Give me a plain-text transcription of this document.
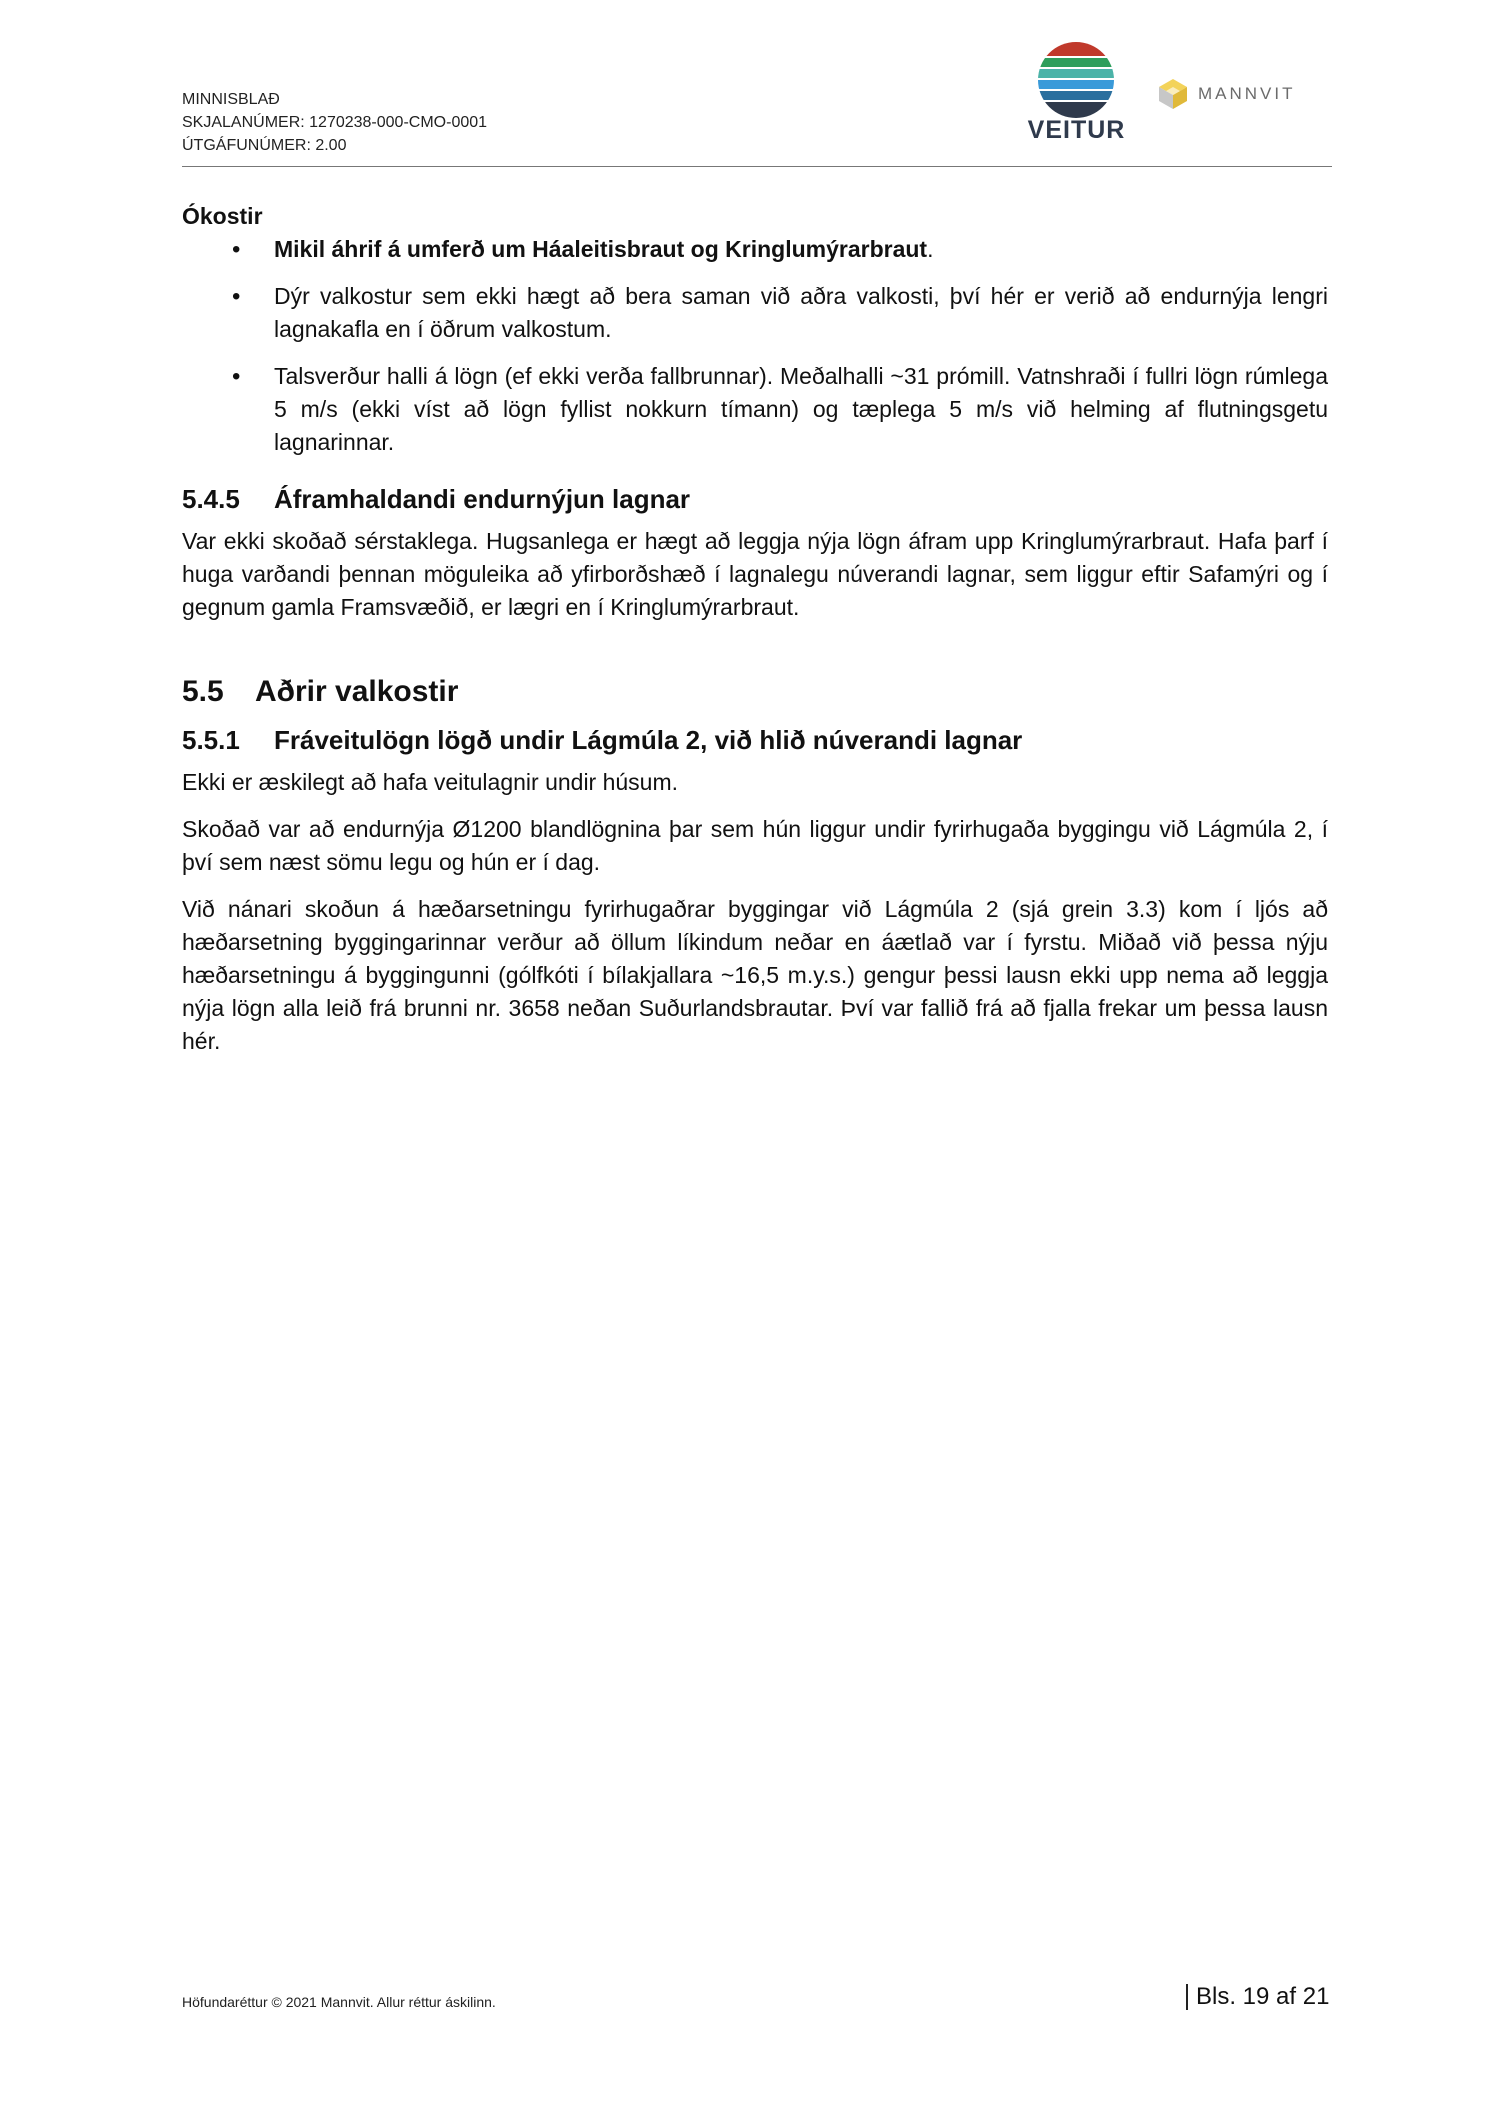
MINNISBLAÐ
SKJALANÚMER: 1270238-000-CMO-0001
ÚTGÁFUNÚMER: 2.00
VEITUR
MANNVIT

Ókostir

• Mikil áhrif á umferð um Háaleitisbraut og Kringlumýrarbraut.
• Dýr valkostur sem ekki hægt að bera saman við aðra valkosti, því hér er verið að endurnýja lengri lagnakafla en í öðrum valkostum.
• Talsverður halli á lögn (ef ekki verða fallbrunnar). Meðalhalli ~31 prómill. Vatnshraði í fullri lögn rúmlega 5 m/s (ekki víst að lögn fyllist nokkurn tímann) og tæplega 5 m/s við helming af flutningsgetu lagnarinnar.
5.4.5	Áframhaldandi endurnýjun lagnar

Var ekki skoðað sérstaklega. Hugsanlega er hægt að leggja nýja lögn áfram upp Kringlumýrarbraut. Hafa þarf í huga varðandi þennan möguleika að yfirborðshæð í lagnalegu núverandi lagnar, sem liggur eftir Safamýri og í gegnum gamla Framsvæðið, er lægri en í Kringlumýrarbraut.

5.5	Aðrir valkostir
5.5.1	Fráveitulögn lögð undir Lágmúla 2, við hlið núverandi lagnar

Ekki er æskilegt að hafa veitulagnir undir húsum.

Skoðað var að endurnýja Ø1200 blandlögnina þar sem hún liggur undir fyrirhugaða byggingu við Lágmúla 2, í því sem næst sömu legu og hún er í dag.

Við nánari skoðun á hæðarsetningu fyrirhugaðrar byggingar við Lágmúla 2 (sjá grein 3.3) kom í ljós að hæðarsetning byggingarinnar verður að öllum líkindum neðar en áætlað var í fyrstu. Miðað við þessa nýju hæðarsetningu á byggingunni (gólfkóti í bílakjallara ~16,5 m.y.s.) gengur þessi lausn ekki upp nema að leggja nýja lögn alla leið frá brunni nr. 3658 neðan Suðurlandsbrautar. Því var fallið frá að fjalla frekar um þessa lausn hér.

Höfundaréttur © 2021 Mannvit. Allur réttur áskilinn.	Bls. 19 af 21
